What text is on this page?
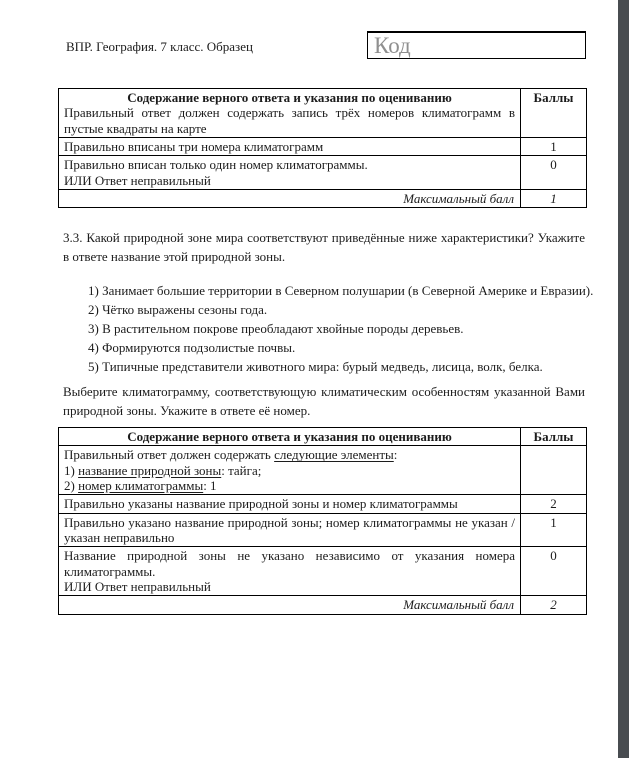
ВПР. География. 7 класс. Образец	Код
Содержание верного ответа и указания по оцениванию
Правильный ответ должен содержать запись трёх номеров климатограмм в пустые квадраты на карте	Баллы
Правильно вписаны три номера климатограмм	1

Правильно вписан только один номер климатограммы.
ИЛИ Ответ неправильный	0
Максимальный балл	1
3.3. Какой природной зоне мира соответствуют приведённые ниже характеристики? Укажите в ответе название этой природной зоны.
1) Занимает большие территории в Северном полушарии (в Северной Америке и Евразии).
2) Чётко выражены сезоны года.
3) В растительном покрове преобладают хвойные породы деревьев.
4) Формируются подзолистые почвы.
5) Типичные представители животного мира: бурый медведь, лисица, волк, белка.
Выберите климатограмму, соответствующую климатическим особенностям указанной Вами природной зоны. Укажите в ответе её номер.
Содержание верного ответа и указания по оцениванию	Баллы

Правильный ответ должен содержать следующие элементы:
1) название природной зоны: тайга;
2) номер климатограммы: 1	

Правильно указаны название природной зоны и номер климатограммы	2
Правильно указано название природной зоны; номер климатограммы не указан / указан неправильно	1

Название природной зоны не указано независимо от указания номера климатограммы.
ИЛИ Ответ неправильный	0
Максимальный балл	2
